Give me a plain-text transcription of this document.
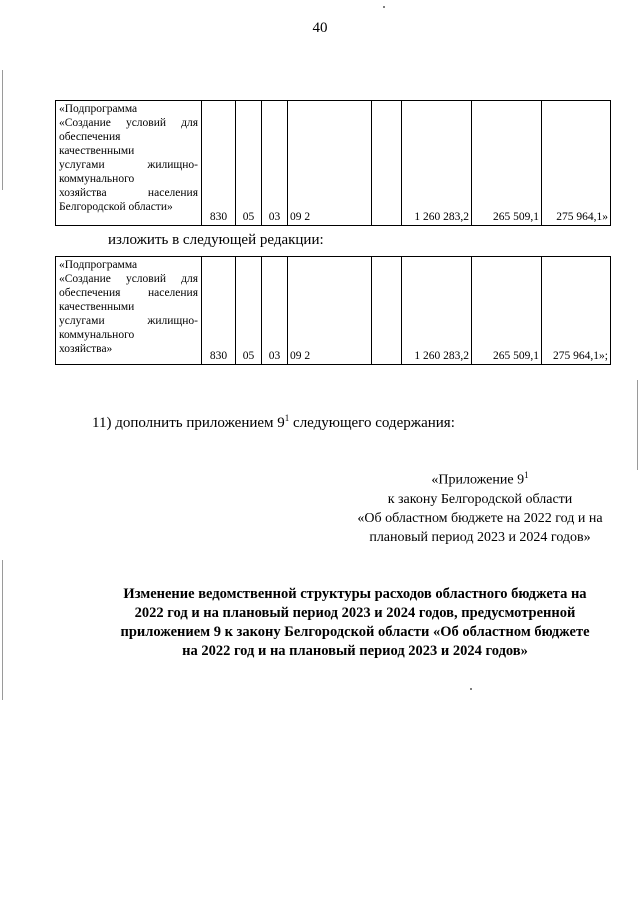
40
«Подпрограмма
«Создание условий для
обеспечения
качественными
услугами жилищно-
коммунального
хозяйства населения
Белгородской области»
	830	05	03	09 2		1 260 283,2	265 509,1	275 964,1»
изложить в следующей редакции:
«Подпрограмма
«Создание условий для
обеспечения населения
качественными
услугами жилищно-
коммунального
хозяйства»
	830	05	03	09 2		1 260 283,2	265 509,1	275 964,1»;
11) дополнить приложением $9^1$ следующего содержания:
«Приложение $9^1$
к закону Белгородской области
«Об областном бюджете на 2022 год и на
плановый период 2023 и 2024 годов»
Изменение ведомственной структуры расходов областного бюджета на
2022 год и на плановый период 2023 и 2024 годов, предусмотренной
приложением 9 к закону Белгородской области «Об областном бюджете
на 2022 год и на плановый период 2023 и 2024 годов»
